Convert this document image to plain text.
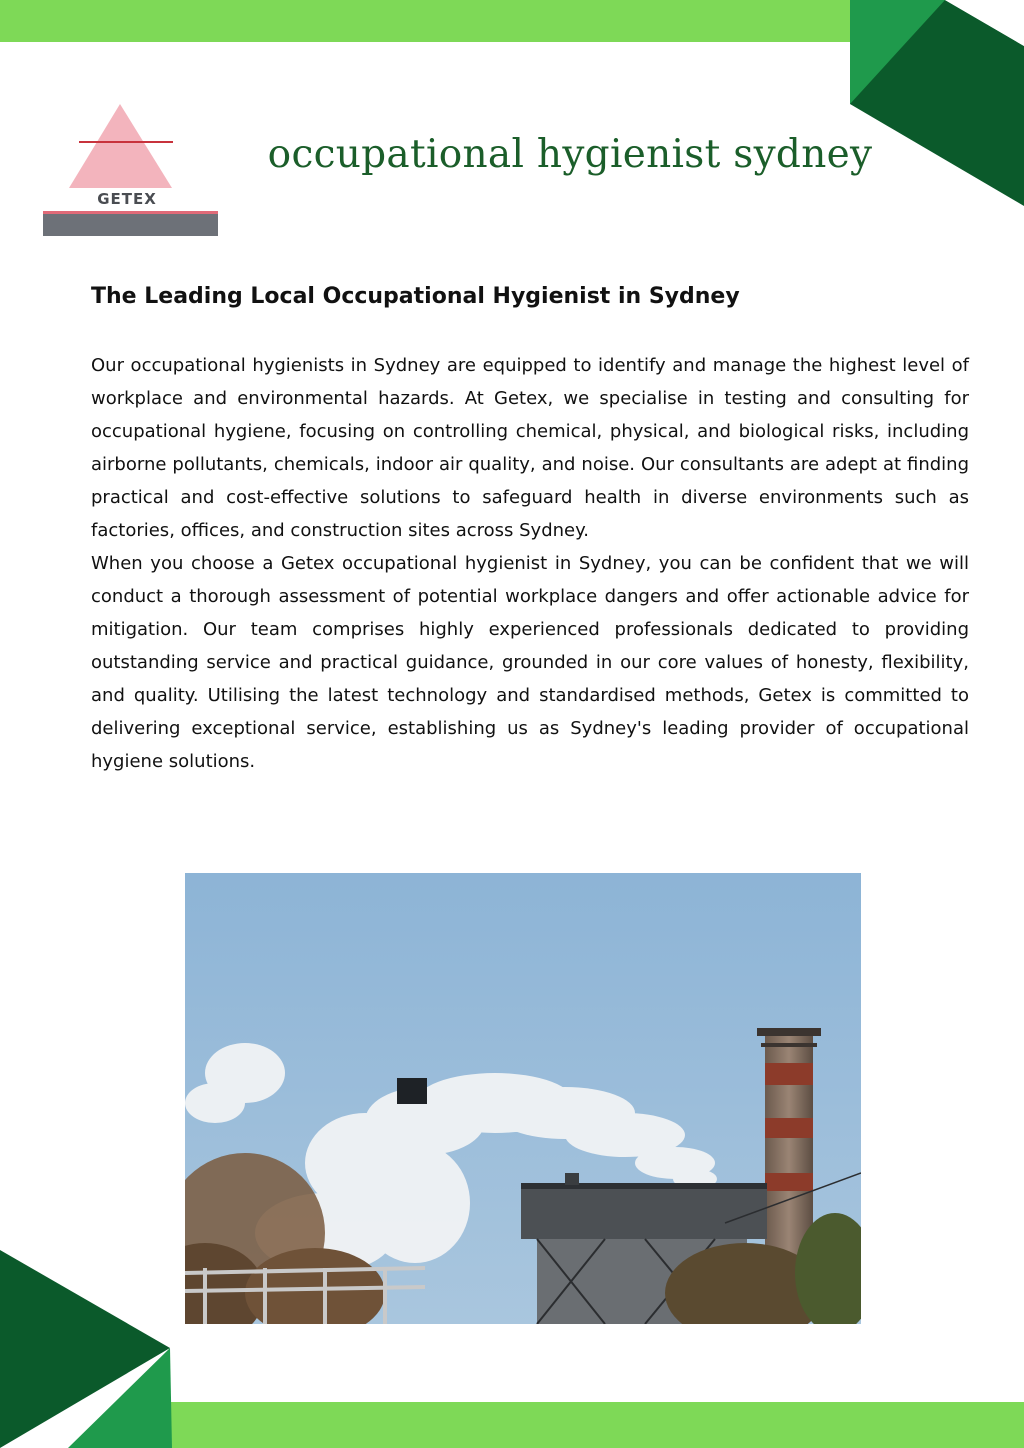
GETEX
occupational hygienist sydney
The Leading Local Occupational Hygienist in Sydney

Our occupational hygienists in Sydney are equipped to identify and manage the highest level of workplace and environmental hazards. At Getex, we specialise in testing and consulting for occupational hygiene, focusing on controlling chemical, physical, and biological risks, including airborne pollutants, chemicals, indoor air quality, and noise. Our consultants are adept at finding practical and cost-effective solutions to safeguard health in diverse environments such as factories, offices, and construction sites across Sydney.

When you choose a Getex occupational hygienist in Sydney, you can be confident that we will conduct a thorough assessment of potential workplace dangers and offer actionable advice for mitigation. Our team comprises highly experienced professionals dedicated to providing outstanding service and practical guidance, grounded in our core values of honesty, flexibility, and quality. Utilising the latest technology and standardised methods, Getex is committed to delivering exceptional service, establishing us as Sydney's leading provider of occupational hygiene solutions.
